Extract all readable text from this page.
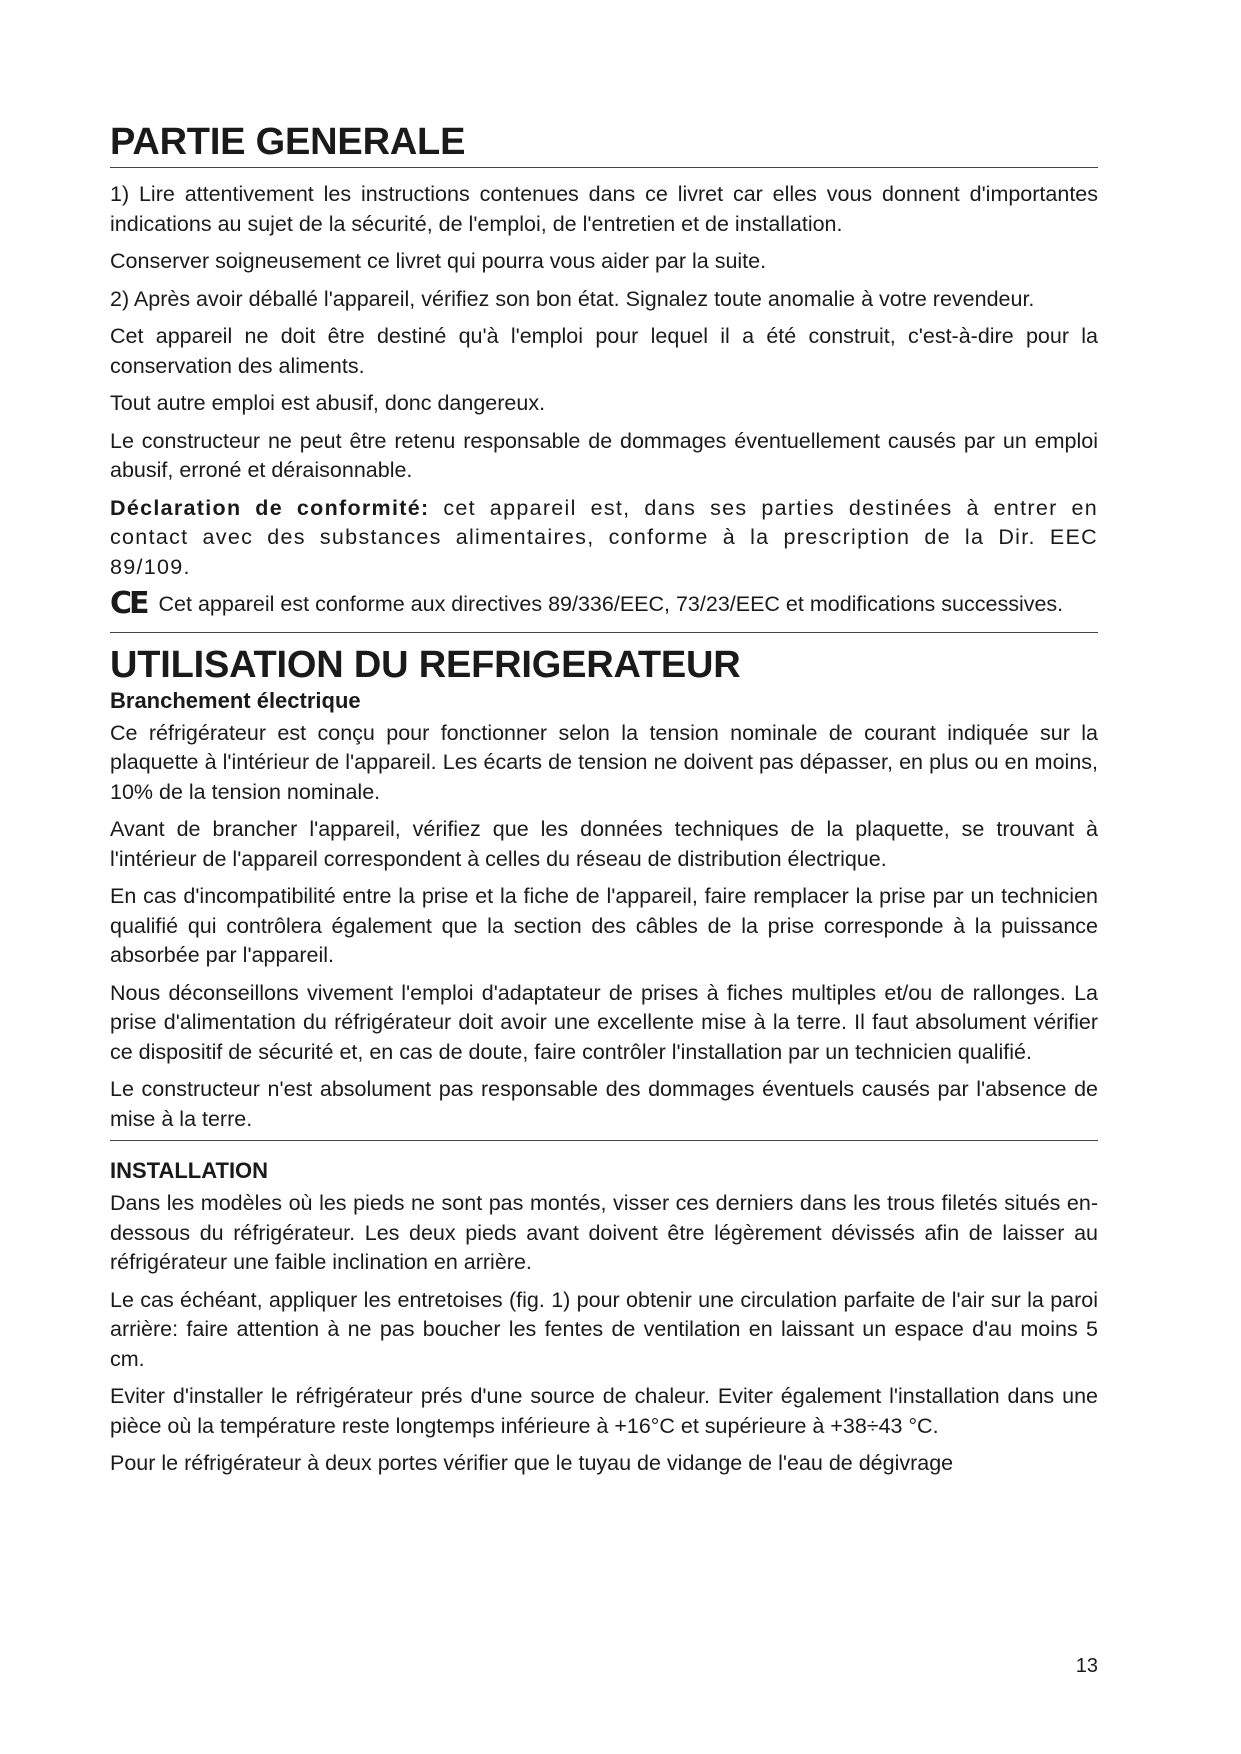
PARTIE GENERALE

1) Lire attentivement les instructions contenues dans ce livret car elles vous donnent d'importantes indications au sujet de la sécurité, de l'emploi, de l'entretien et de installation.

Conserver soigneusement ce livret qui pourra vous aider par la suite.

2) Après avoir déballé l'appareil, vérifiez son bon état. Signalez toute anomalie à votre revendeur.

Cet appareil ne doit être destiné qu'à l'emploi pour lequel il a été construit, c'est-à-dire pour la conservation des aliments.

Tout autre emploi est abusif, donc dangereux.

Le constructeur ne peut être retenu responsable de dommages éventuellement causés par un emploi abusif, erroné et déraisonnable.

Déclaration de conformité: cet appareil est, dans ses parties destinées à entrer en contact avec des substances alimentaires, conforme à la prescription de la Dir. EEC 89/109.

CE Cet appareil est conforme aux directives 89/336/EEC, 73/23/EEC et modifications successives.

UTILISATION DU REFRIGERATEUR
Branchement électrique

Ce réfrigérateur est conçu pour fonctionner selon la tension nominale de courant indiquée sur la plaquette à l'intérieur de l'appareil. Les écarts de tension ne doivent pas dépasser, en plus ou en moins, 10% de la tension nominale.

Avant de brancher l'appareil, vérifiez que les données techniques de la plaquette, se trouvant à l'intérieur de l'appareil correspondent à celles du réseau de distribution électrique.

En cas d'incompatibilité entre la prise et la fiche de l'appareil, faire remplacer la prise par un technicien qualifié qui contrôlera également que la section des câbles de la prise corresponde à la puissance absorbée par l'appareil.

Nous déconseillons vivement l'emploi d'adaptateur de prises à fiches multiples et/ou de rallonges. La prise d'alimentation du réfrigérateur doit avoir une excellente mise à la terre. Il faut absolument vérifier ce dispositif de sécurité et, en cas de doute, faire contrôler l'installation par un technicien qualifié.

Le constructeur n'est absolument pas responsable des dommages éventuels causés par l'absence de mise à la terre.

INSTALLATION

Dans les modèles où les pieds ne sont pas montés, visser ces derniers dans les trous filetés situés en-dessous du réfrigérateur. Les deux pieds avant doivent être légèrement dévissés afin de laisser au réfrigérateur une faible inclination en arrière.

Le cas échéant, appliquer les entretoises (fig. 1) pour obtenir une circulation parfaite de l'air sur la paroi arrière: faire attention à ne pas boucher les fentes de ventilation en laissant un espace d'au moins 5 cm.

Eviter d'installer le réfrigérateur prés d'une source de chaleur. Eviter également l'installation dans une pièce où la température reste longtemps inférieure à +16°C et supérieure à +38÷43 °C.

Pour le réfrigérateur à deux portes vérifier que le tuyau de vidange de l'eau de dégivrage

13
